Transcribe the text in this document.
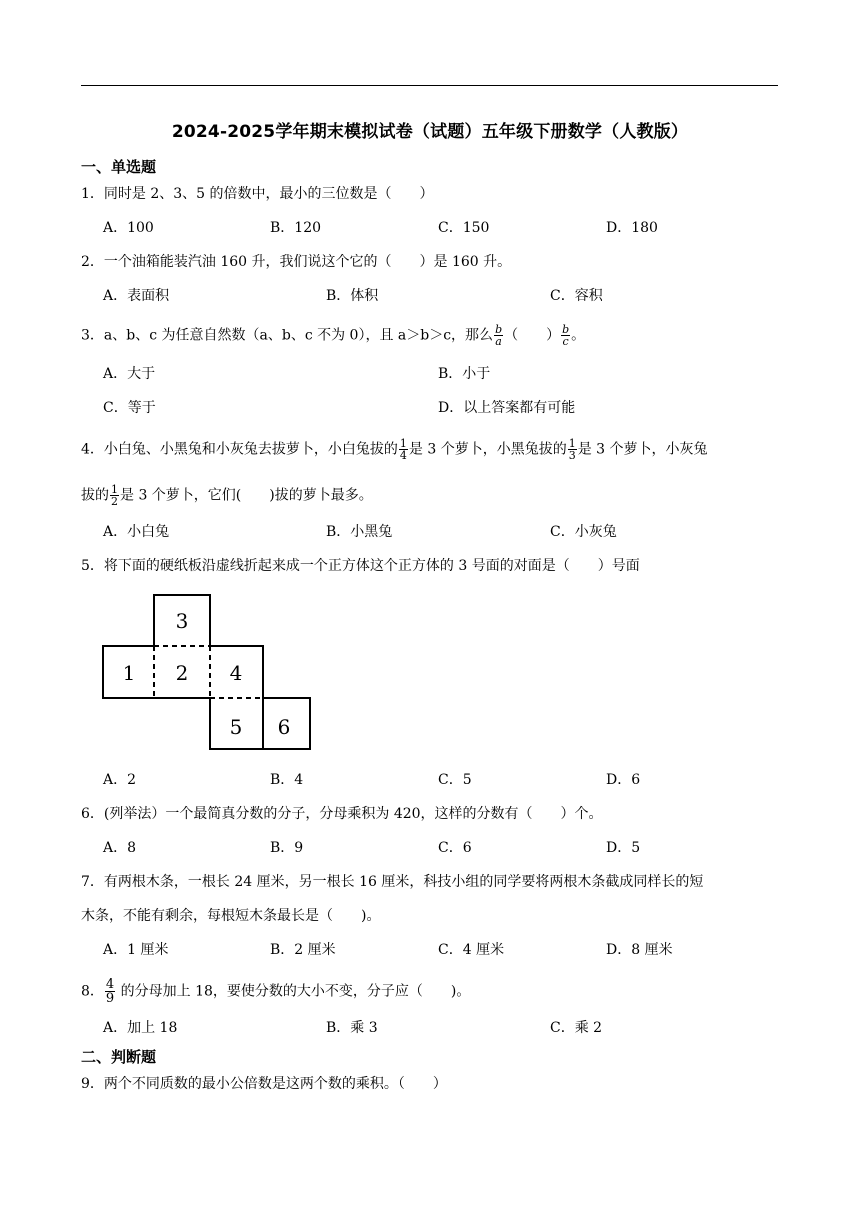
2024-2025学年期末模拟试卷（试题）五年级下册数学（人教版）
一、单选题
1．同时是 2、3、5 的倍数中，最小的三位数是（　　）
A．100	B．120	C．150	D．180
2．一个油箱能装汽油 160 升，我们说这个它的（　　）是 160 升。
A．表面积	B．体积	C．容积
3．a、b、c 为任意自然数（a、b、c 不为 0），且 a＞b＞c，那么 $\frac{b}{a}$ （　　） $\frac{b}{c}$ 。
A．大于	B．小于
C．等于	D．以上答案都有可能
4．小白兔、小黑兔和小灰兔去拔萝卜，小白兔拔的 $\frac{1}{4}$ 是 3 个萝卜，小黑兔拔的 $\frac{1}{3}$ 是 3 个萝卜，小灰兔
拔的 $\frac{1}{2}$ 是 3 个萝卜，它们(　　)拔的萝卜最多。
A．小白兔	B．小黑兔	C．小灰兔
5．将下面的硬纸板沿虚线折起来成一个正方体这个正方体的 3 号面的对面是（　　）号面
3
1 2 4
5 6
A．2	B．4	C．5	D．6
6．(列举法）一个最简真分数的分子，分母乘积为 420，这样的分数有（　　）个。
A．8	B．9	C．6	D．5
7．有两根木条，一根长 24 厘米，另一根长 16 厘米，科技小组的同学要将两根木条截成同样长的短
木条，不能有剩余，每根短木条最长是（　　)。
A．1 厘米	B．2 厘米	C．4 厘米	D．8 厘米
8． $\frac{4}{9}$ 的分母加上 18，要使分数的大小不变，分子应（　　)。
A．加上 18	B．乘 3	C．乘 2
二、判断题
9．两个不同质数的最小公倍数是这两个数的乘积。（　　）
